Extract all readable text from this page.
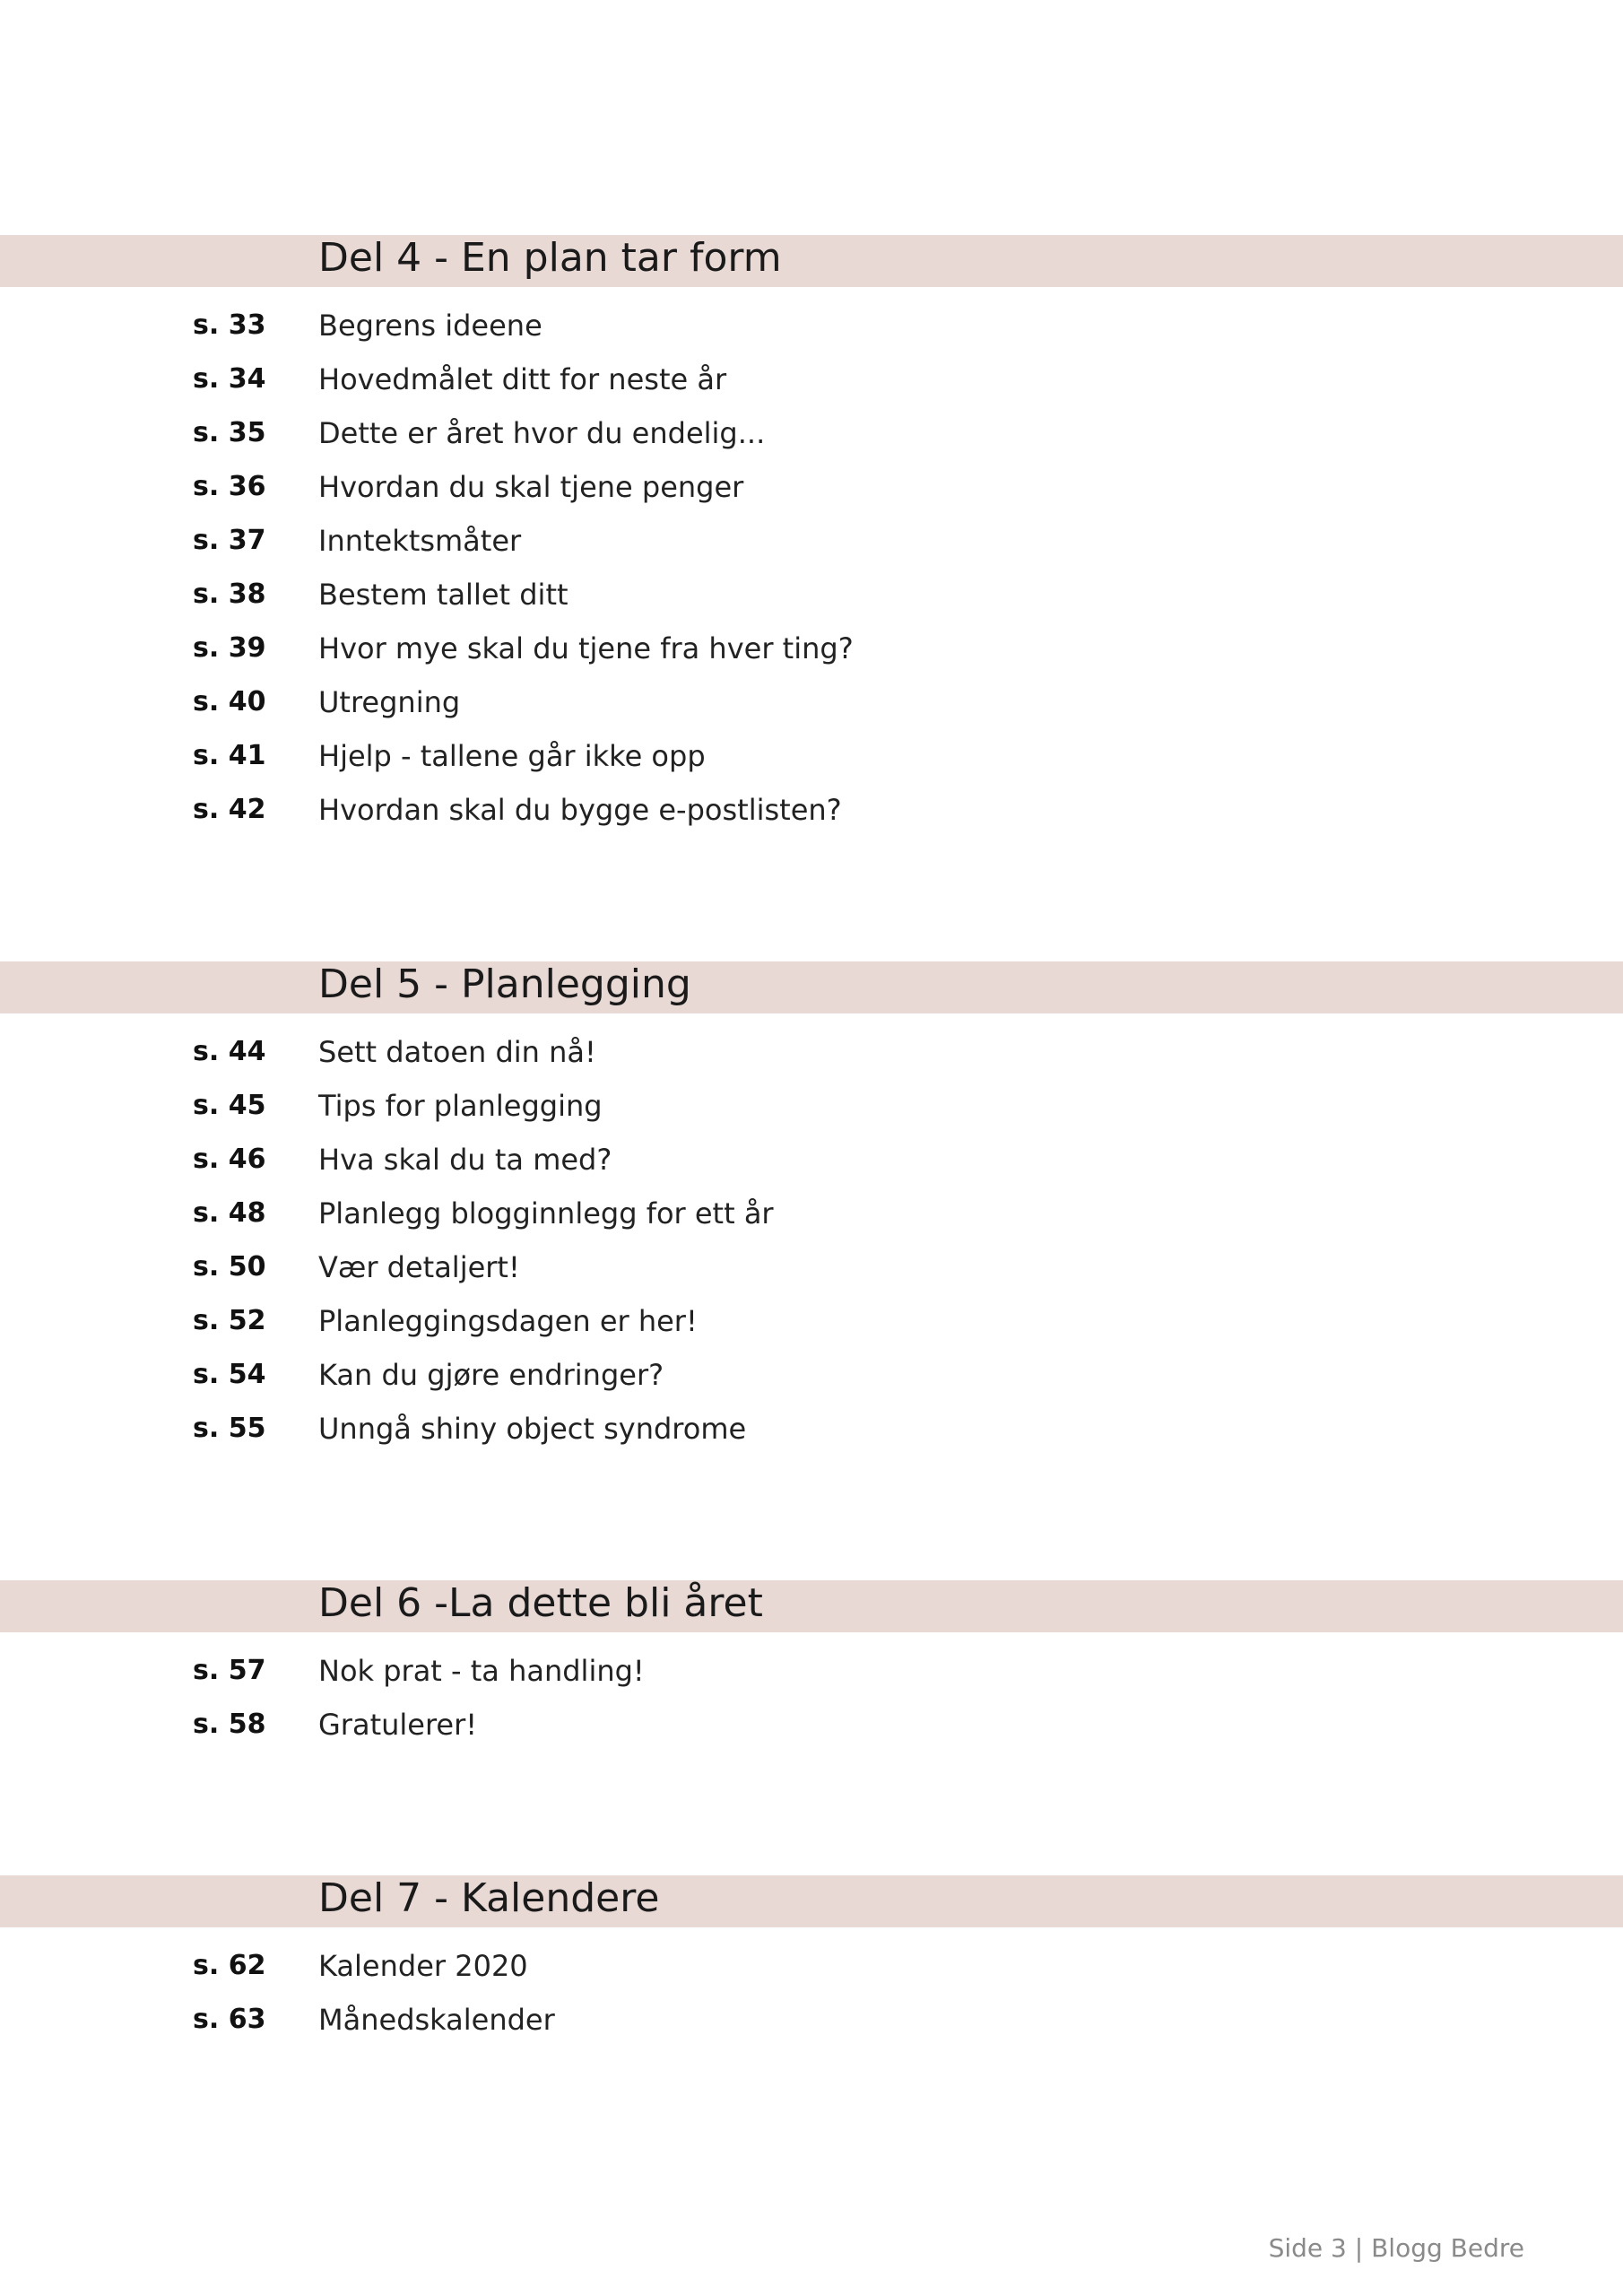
Del 4 - En plan tar form
s. 33 Begrens ideene
s. 34 Hovedmålet ditt for neste år
s. 35 Dette er året hvor du endelig...
s. 36 Hvordan du skal tjene penger
s. 37 Inntektsmåter
s. 38 Bestem tallet ditt
s. 39 Hvor mye skal du tjene fra hver ting?
s. 40 Utregning
s. 41 Hjelp - tallene går ikke opp
s. 42 Hvordan skal du bygge e-postlisten?
Del 5 - Planlegging
s. 44 Sett datoen din nå!
s. 45 Tips for planlegging
s. 46 Hva skal du ta med?
s. 48 Planlegg blogginnlegg for ett år
s. 50 Vær detaljert!
s. 52 Planleggingsdagen er her!
s. 54 Kan du gjøre endringer?
s. 55 Unngå shiny object syndrome
Del 6 -La dette bli året
s. 57 Nok prat - ta handling!
s. 58 Gratulerer!
Del 7 - Kalendere
s. 62 Kalender 2020
s. 63 Månedskalender
Side 3 | Blogg Bedre
